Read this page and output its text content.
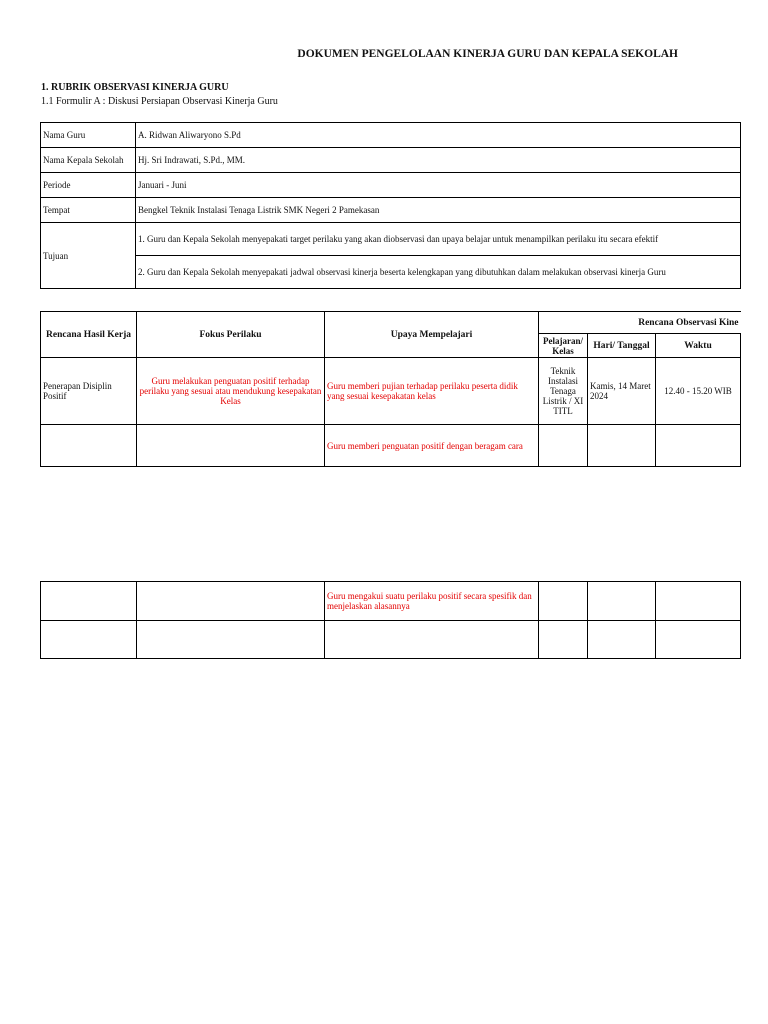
DOKUMEN PENGELOLAAN KINERJA GURU DAN KEPALA SEKOLAH
1. RUBRIK OBSERVASI KINERJA GURU
1.1 Formulir A : Diskusi Persiapan Observasi Kinerja Guru
Nama Guru	A. Ridwan Aliwaryono S.Pd
Nama Kepala Sekolah	Hj. Sri Indrawati, S.Pd., MM.
Periode	Januari - Juni
Tempat	Bengkel Teknik Instalasi Tenaga Listrik SMK Negeri 2 Pamekasan
Tujuan	1. Guru dan Kepala Sekolah menyepakati target perilaku yang akan diobservasi dan upaya belajar untuk menampilkan perilaku itu secara efektif
	2. Guru dan Kepala Sekolah menyepakati jadwal observasi kinerja beserta kelengkapan yang dibutuhkan dalam melakukan observasi kinerja Guru
Rencana Hasil Kerja	Fokus Perilaku	Upaya Mempelajari	Rencana Observasi Kine		
			Pelajaran/ Kelas	Hari/ Tanggal	Waktu
Penerapan Disiplin Positif	Guru melakukan penguatan positif terhadap perilaku yang sesuai atau mendukung kesepakatan Kelas	Guru memberi pujian terhadap perilaku peserta didik yang sesuai kesepakatan kelas	Teknik Instalasi Tenaga Listrik / XI TITL	Kamis, 14 Maret 2024	12.40 - 15.20 WIB
		Guru memberi penguatan positif dengan beragam cara			
		Guru mengakui suatu perilaku positif secara spesifik dan menjelaskan alasannya			
